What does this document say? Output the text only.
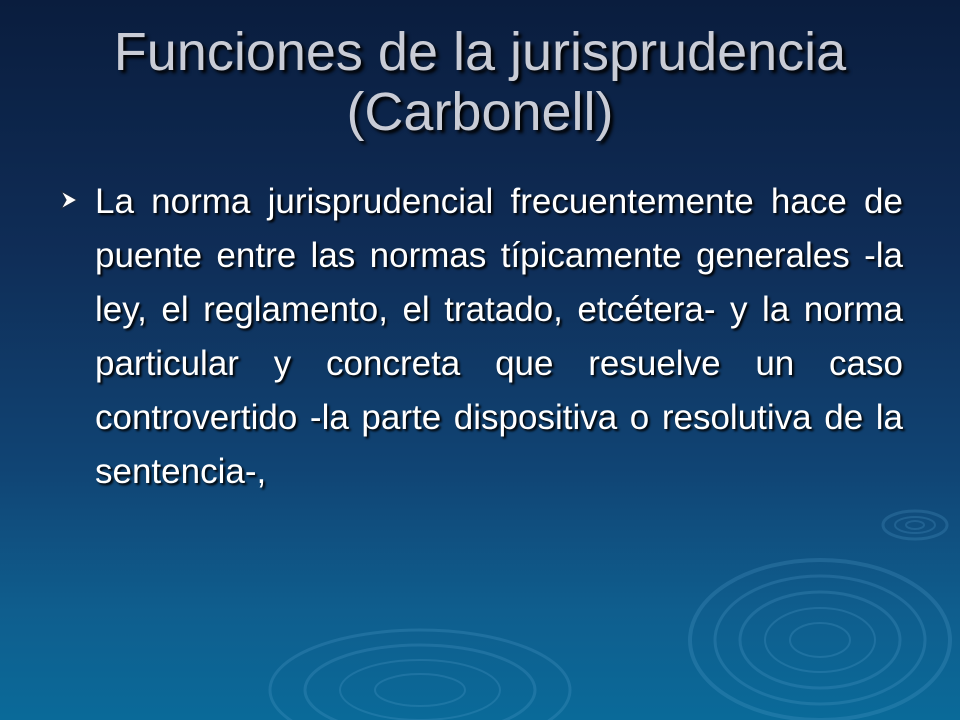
Funciones de la jurisprudencia (Carbonell)

La norma jurisprudencial frecuentemente hace de puente entre las normas típicamente generales -la ley, el reglamento, el tratado, etcétera- y la norma particular y concreta que resuelve un caso controvertido -la parte dispositiva o resolutiva de la sentencia-,
